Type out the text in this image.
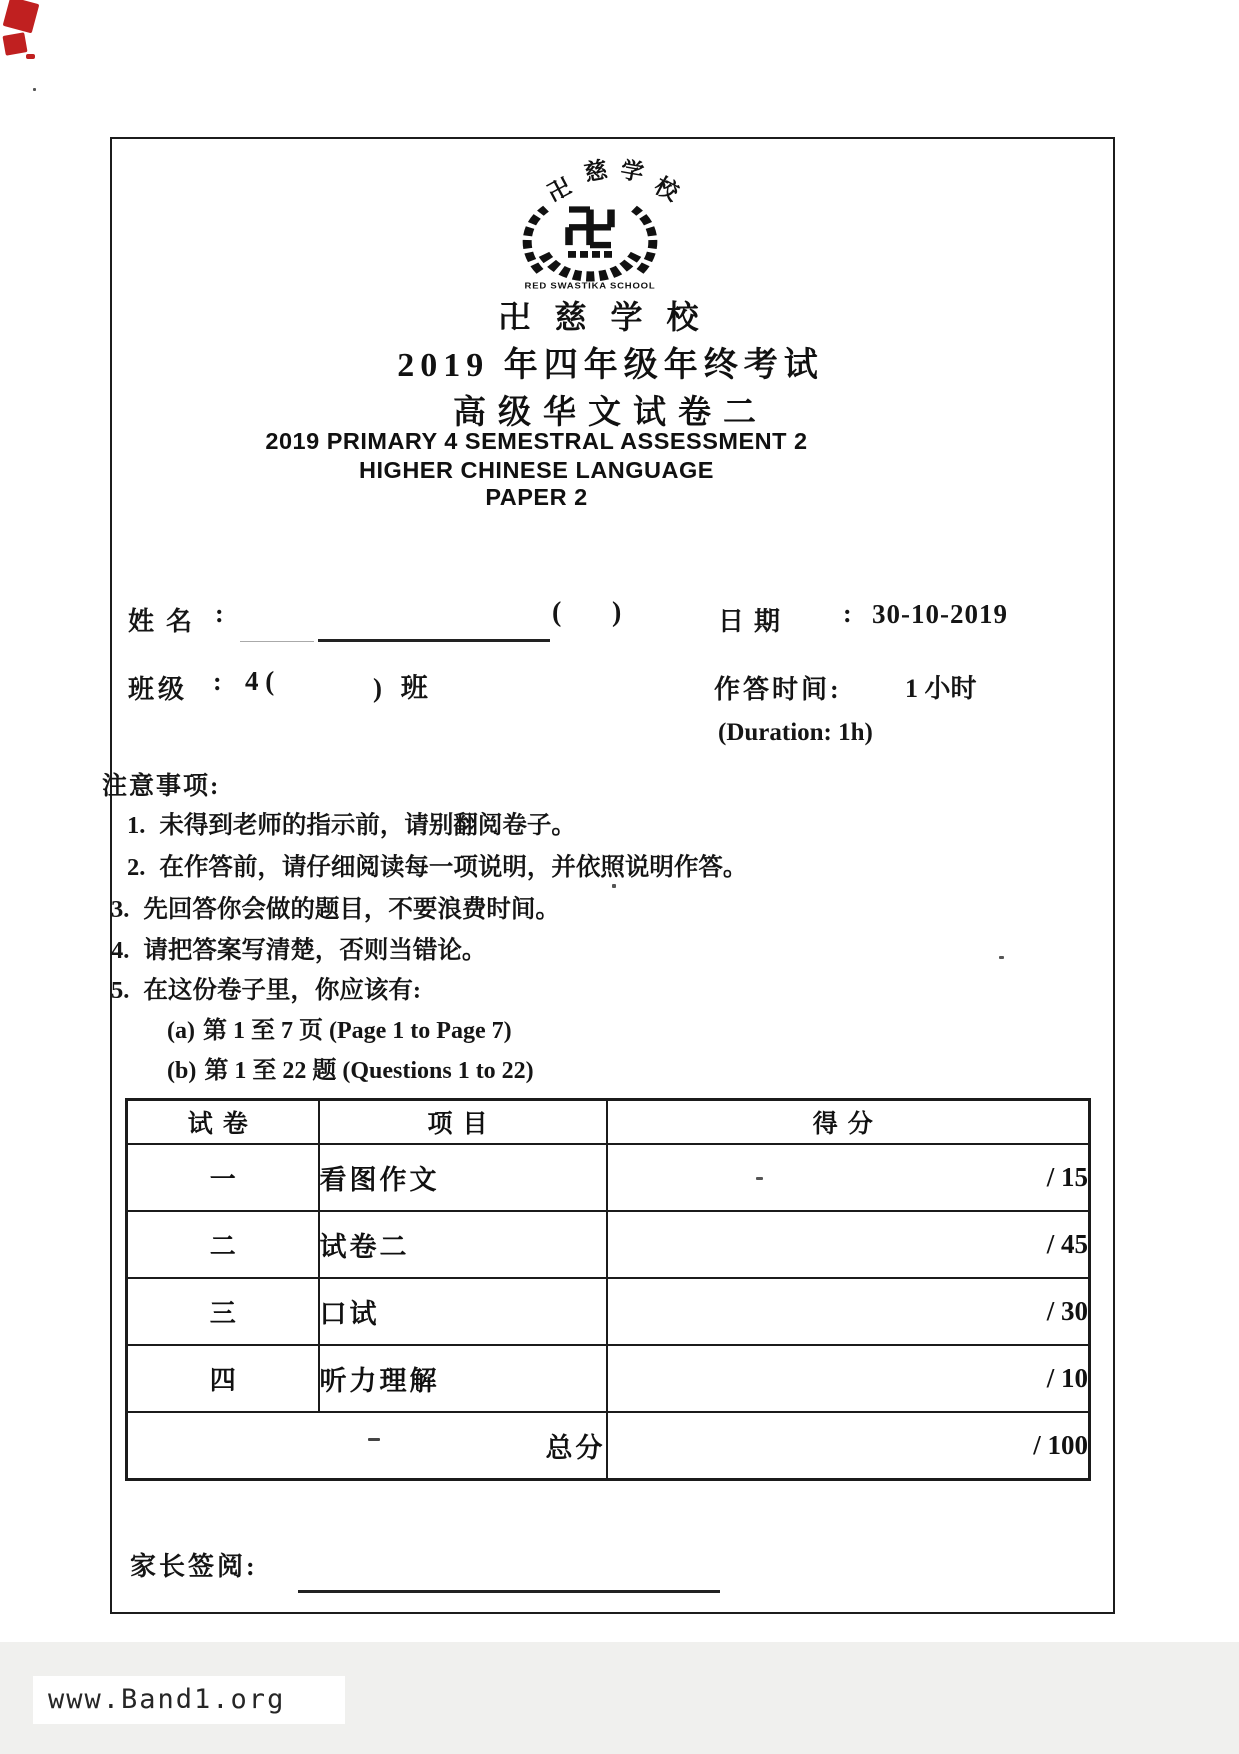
卍
慈 学
校
RED SWASTIKA SCHOOL
卍慈学校
2019 年四年级年终考试
高级华文试卷二
2019 PRIMARY 4 SEMESTRAL ASSESSMENT 2
HIGHER CHINESE LANGUAGE
PAPER 2
姓名 :	( )	日期 : 30-10-2019
班级 : 4 (	) 班	作答时间: 1 小时
(Duration: 1h)
注意事项:
1. 未得到老师的指示前，请别翻阅卷子。
2. 在作答前，请仔细阅读每一项说明，并依照说明作答。
3. 先回答你会做的题目，不要浪费时间。
4. 请把答案写清楚，否则当错论。
5. 在这份卷子里，你应该有:
(a) 第 1 至 7 页 (Page 1 to Page 7)
(b) 第 1 至 22 题 (Questions 1 to 22)
试卷	项目	得分
一	看图作文	/ 15
二	试卷二	/ 45
三	口试	/ 30
四	听力理解	/ 10
总分		/ 100
家长签阅:
www.Band1.org
